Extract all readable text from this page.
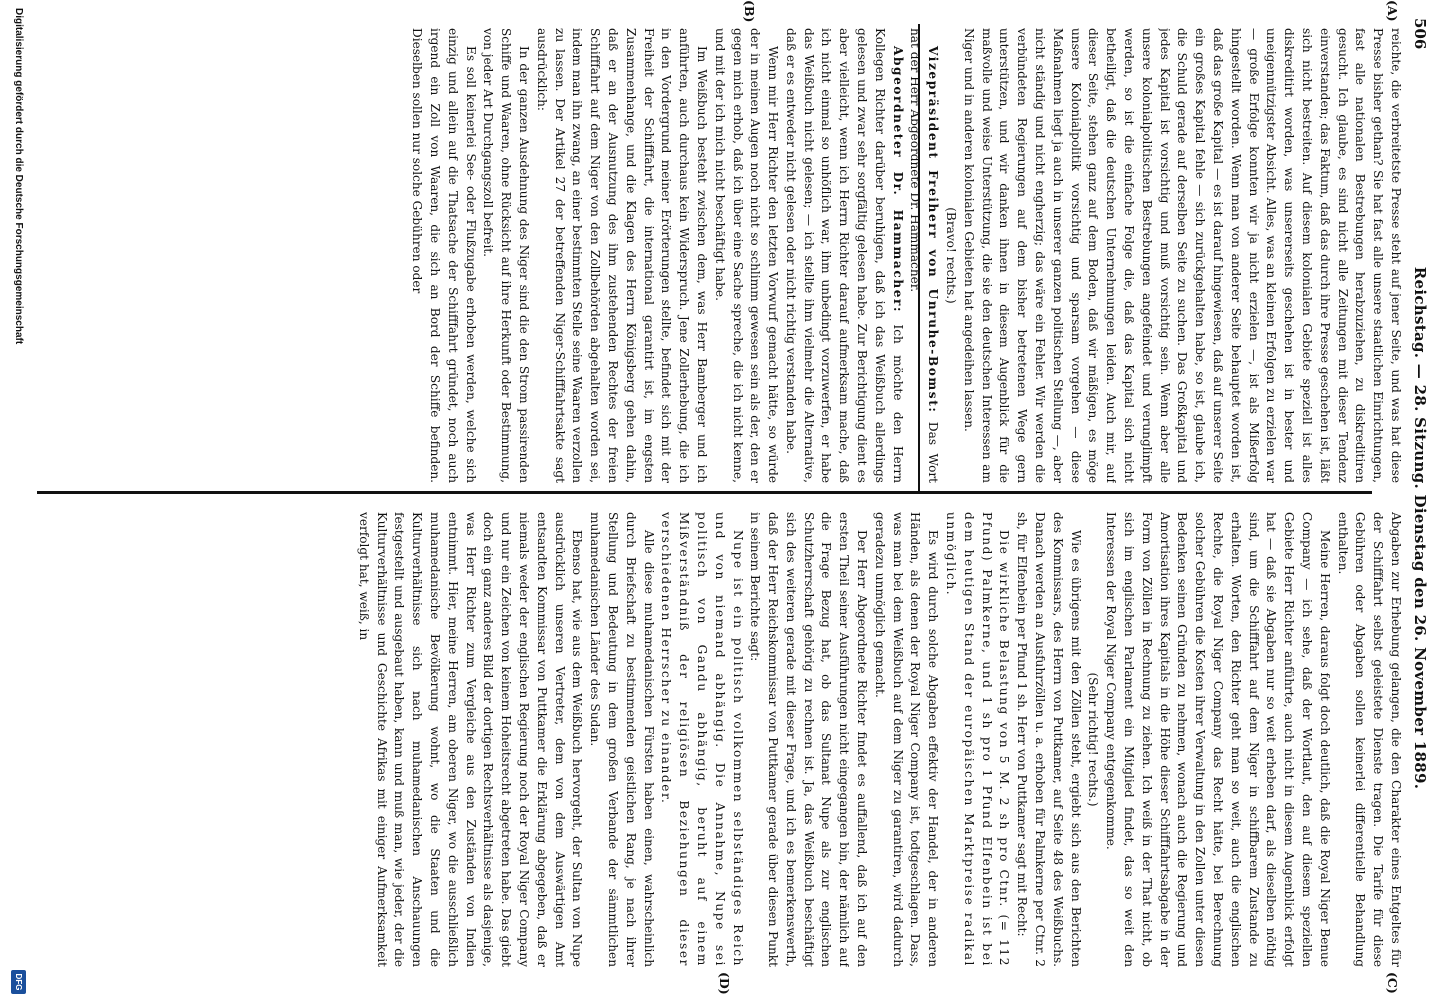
506
Reichstag. — 28. Sitzung. Dienstag den 26. November 1889.
(A)
(B)
(C)
(D)

reichte, die verbreitetste Presse steht auf jener Seite, und was hat diese Presse bisher gethan? Sie hat fast alle unsere staatlichen Einrichtungen, fast alle nationalen Bestrebungen herabzuziehen, zu diskreditiren gesucht. Ich glaube, es sind nicht alle Zeitungen mit dieser Tendenz einverstanden; das Faktum, daß das durch ihre Presse geschehen ist, läßt sich nicht bestreiten. Auf diesem kolonialen Gebiete speziell ist alles diskreditirt worden, was unsererseits geschehen ist in bester und uneigennützigster Absicht. Alles, was an kleinen Erfolgen zu erzielen war — große Erfolge konnten wir ja nicht erzielen —, ist als Mißerfolg hingestellt worden. Wenn man von anderer Seite behauptet worden ist, daß das große Kapital — es ist darauf hingewiesen, daß auf unserer Seite ein großes Kapital fehle — sich zurückgehalten habe, so ist, glaube ich, die Schuld gerade auf derselben Seite zu suchen. Das Großkapital und jedes Kapital ist vorsichtig und muß vorsichtig sein. Wenn aber alle unsere kolonialpolitischen Bestrebungen angefeindet und verunglimpft werden, so ist die einfache Folge die, daß das Kapital sich nicht betheiligt, daß die deutschen Unternehmungen leiden. Auch mir, auf dieser Seite, stehen ganz auf dem Boden, daß wir mäßigen, es möge unsere Kolonialpolitik vorsichtig und sparsam vorgehen — diese Maßnahmen liegt ja auch in unserer ganzen politischen Stellung —, aber nicht ständig und nicht engherzig; das wäre ein Fehler. Wir werden die verbündeten Regierungen auf dem bisher betretenen Wege gern unterstützen, und wir danken ihnen in diesem Augenblick für die maßvolle und weise Unterstützung, die sie den deutschen Interessen am Niger und in anderen kolonialen Gebieten hat angedeihen lassen.

(Bravo! rechts.)

Vizepräsident Freiherr von Unruhe-Bomst: Das Wort hat der Herr Abgeordnete Dr. Hammacher.

Abgeordneter Dr. Hammacher: Ich möchte den Herrn Kollegen Richter darüber beruhigen, daß ich das Weißbuch allerdings gelesen und zwar sehr sorgfältig gelesen habe. Zur Berichtigung dient es aber vielleicht, wenn ich Herrn Richter darauf aufmerksam mache, daß ich nicht einmal so unhöflich war, ihm unbedingt vorzuwerfen, er habe das Weißbuch nicht gelesen; — ich stellte ihm vielmehr die Alternative, daß er es entweder nicht gelesen oder nicht richtig verstanden habe.

Wenn mir Herr Richter den letzten Vorwurf gemacht hätte, so würde der in meinen Augen noch nicht so schlimm gewesen sein als der, den er gegen mich erhob, daß ich über eine Sache spreche, die ich nicht kenne, und mit der ich mich nicht beschäftigt habe.

Im Weißbuch besteht zwischen dem, was Herr Bamberger und ich anführten, auch durchaus kein Widerspruch. Jene Zollerhebung, die ich in den Vordergrund meiner Erörterungen stellte, befindet sich mit der Freiheit der Schifffahrt, die international garantirt ist, im engsten Zusammenhange, und die Klagen des Herrn Königsberg gehen dahin, daß er an der Ausnutzung des ihm zustehenden Rechtes der freien Schifffahrt auf dem Niger von den Zollbehörden abgehalten worden sei, indem man ihn zwang, an einer bestimmten Stelle seine Waaren verzollen zu lassen. Der Artikel 27 der betreffenden Niger-Schifffahrtsakte sagt ausdrücklich:

In der ganzen Ausdehnung des Niger sind die den Strom passirenden Schiffe und Waaren, ohne Rücksicht auf ihre Herkunft oder Bestimmung, von jeder Art Durchgangszoll befreit.

Es soll keinerlei See- oder Flußzugabe erhoben werden, welche sich einzig und allein auf die Thatsache der Schifffahrt gründet, noch auch irgend ein Zoll von Waaren, die sich an Bord der Schiffe befinden. Dieselben sollen nur solche Gebühren oder

Abgaben zur Erhebung gelangen, die den Charakter eines Entgeltes für der Schifffahrt selbst geleistete Dienste tragen. Die Tarife für diese Gebühren oder Abgaben sollen keinerlei differentielle Behandlung enthalten.

Meine Herren, daraus folgt doch deutlich, daß die Royal Niger Benue Company — ich sehe, daß der Wortlaut, den auf diesem speziellen Gebiete Herr Richter anführte, auch nicht in diesem Augenblick erfolgt hat — daß sie Abgaben nur so weit erheben darf, als dieselben nöthig sind, um die Schifffahrt auf dem Niger in schiffbarem Zustande zu erhalten. Worten, den Richter geht man so weit, auch die englischen Rechte, die Royal Niger Company das Recht hätte, bei Berechnung solcher Gebühren die Kosten ihrer Verwaltung in den Zollen unter diesen Bedenken seinen Gründen zu nehmen, wonach auch die Regierung und Amortisation ihres Kapitals in die Höhe dieser Schifffahrtsabgabe in der Form von Zöllen in Rechnung zu ziehen. Ich weiß in der That nicht, ob sich im englischen Parlament ein Mitglied findet, das so weit den Interessen der Royal Niger Company entgegenkomme.

(Sehr richtig! rechts.)

Wie es übrigens mit den Zöllen steht, ergiebt sich aus den Berichten des Kommissars, des Herrn von Puttkamer, auf Seite 48 des Weißbuchs. Danach werden an Ausfuhrzöllen u. a. erhoben für Palmkerne per Ctnr. 2 sh, für Elfenbein per Pfund 1 sh. Herr von Puttkamer sagt mit Recht:

Die wirkliche Belastung von 5 M. 2 sh pro Ctnr. (= 112 Pfund) Palmkerne, und 1 sh pro 1 Pfund Elfenbein ist bei dem heutigen Stand der europäischen Marktpreise radikal unmöglich.

Es wird durch solche Abgaben effektiv der Handel, der in anderen Händen, als denen der Royal Niger Company ist, todtgeschlagen. Dass, was man bei dem Weißbuch auf dem Niger zu garantiren, wird dadurch geradezu unmöglich gemacht.

Der Herr Abgeordnete Richter findet es auffallend, daß ich auf den ersten Theil seiner Ausführungen nicht eingegangen bin, der nämlich auf die Frage Bezug hat, ob das Sultanat Nupe als zur englischen Schutzherrschaft gehörig zu rechnen ist. Ja, das Weißbuch beschäftigt sich des weiteren gerade mit dieser Frage, und ich es bemerkenswerth, daß der Herr Reichskommissar von Puttkamer gerade über diesen Punkt in seinem Berichte sagt:

Nupe ist ein politisch vollkommen selbständiges Reich und von niemand abhängig. Die Annahme, Nupe sei politisch von Gandu abhängig, beruht auf einem Mißverständniß der religiösen Beziehungen dieser verschiedenen Herrscher zu einander.

Alle diese muhamedanischen Fürsten haben einen, wahrscheinlich durch Briefschaft zu bestimmenden geistlichen Rang, je nach ihrer Stellung und Bedeutung in dem großen Verbande der sämmtlichen muhamedanischen Länder des Sudan.

Ebenso hat, wie aus dem Weißbuch hervorgeht, der Sultan von Nupe ausdrücklich unseren Vertreter, dem von dem Auswärtigen Amt entsandten Kommissar von Puttkamer die Erklärung abgegeben, daß er niemals weder der englischen Regierung noch der Royal Niger Company und nur ein Zeichen von keinem Hoheitsrecht abgetreten habe. Das giebt doch ein ganz anderes Bild der dortigen Rechtsverhältnisse als dasjenige, was Herr Richter zum Vergleiche aus den Zuständen von Indien entnimmt. Hier, meine Herren, am oberen Niger, wo die ausschließlich muhamedanische Bevölkerung wohnt, wo die Staaten und die Kulturverhältnisse sich nach muhamedanischen Anschauungen festgestellt und ausgebaut haben, kann und muß man, wie jeder, der die Kulturverhältnisse und Geschichte Afrikas mit einiger Aufmerksamkeit verfolgt hat, weiß, in

Digitalisierung gefördert durch die Deutsche Forschungsgemeinschaft
DFG
